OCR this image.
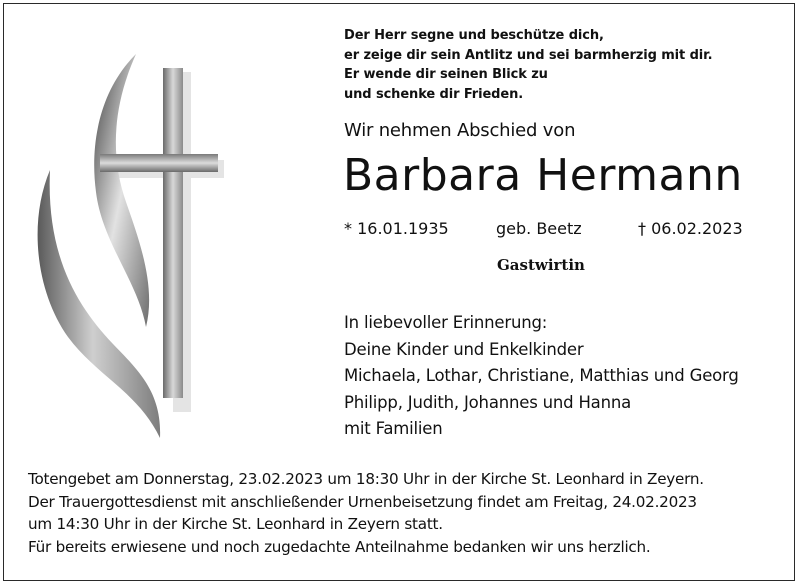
Der Herr segne und beschütze dich,
er zeige dir sein Antlitz und sei barmherzig mit dir.
Er wende dir seinen Blick zu
und schenke dir Frieden.
Wir nehmen Abschied von
Barbara Hermann
* 16.01.1935	geb. Beetz	† 06.02.2023
Gastwirtin
In liebevoller Erinnerung:
Deine Kinder und Enkelkinder
Michaela, Lothar, Christiane, Matthias und Georg
Philipp, Judith, Johannes und Hanna
mit Familien
Totengebet am Donnerstag, 23.02.2023 um 18:30 Uhr in der Kirche St. Leonhard in Zeyern.
Der Trauergottesdienst mit anschließender Urnenbeisetzung findet am Freitag, 24.02.2023
um 14:30 Uhr in der Kirche St. Leonhard in Zeyern statt.
Für bereits erwiesene und noch zugedachte Anteilnahme bedanken wir uns herzlich.
